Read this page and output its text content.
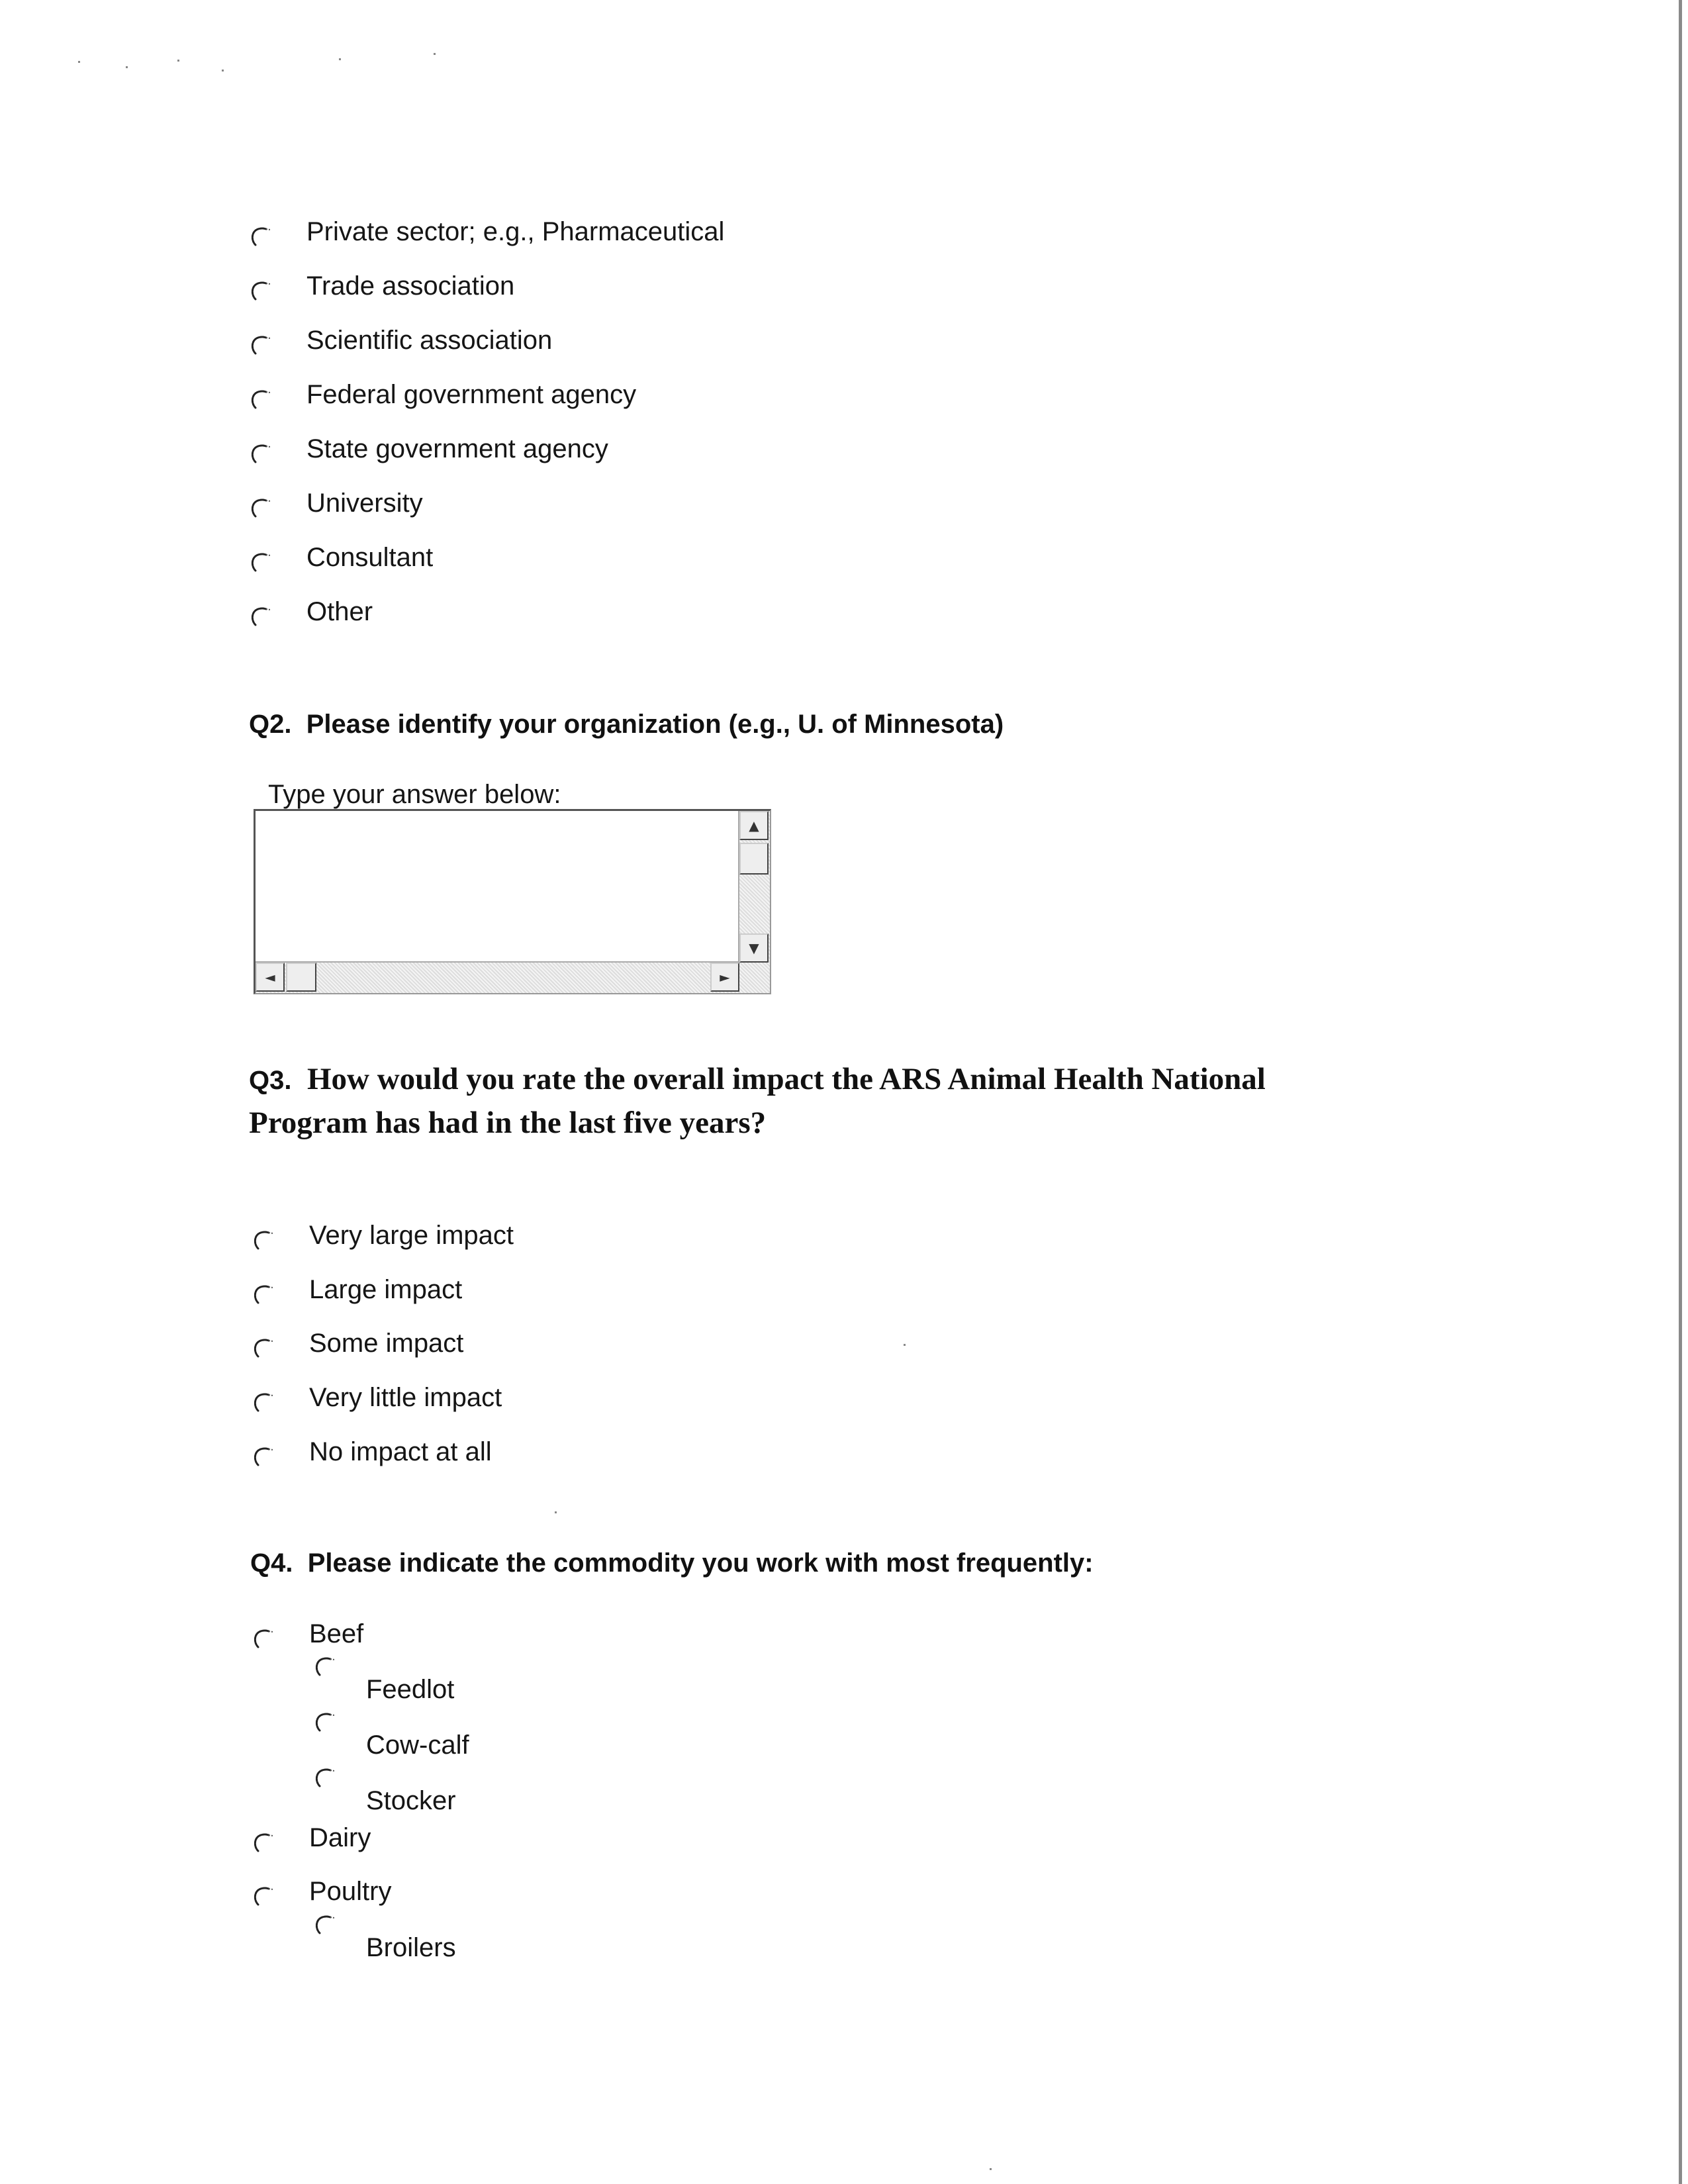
Private sector; e.g., Pharmaceutical
Trade association
Scientific association
Federal government agency
State government agency
University
Consultant
Other
Q2. Please identify your organization (e.g., U. of Minnesota)
Type your answer below:
▲
▼
◄	►
Q3. How would you rate the overall impact the ARS Animal Health National
Program has had in the last five years?
Very large impact
Large impact
Some impact
Very little impact
No impact at all
Q4. Please indicate the commodity you work with most frequently:
Beef
Feedlot
Cow-calf
Stocker
Dairy
Poultry
Broilers
